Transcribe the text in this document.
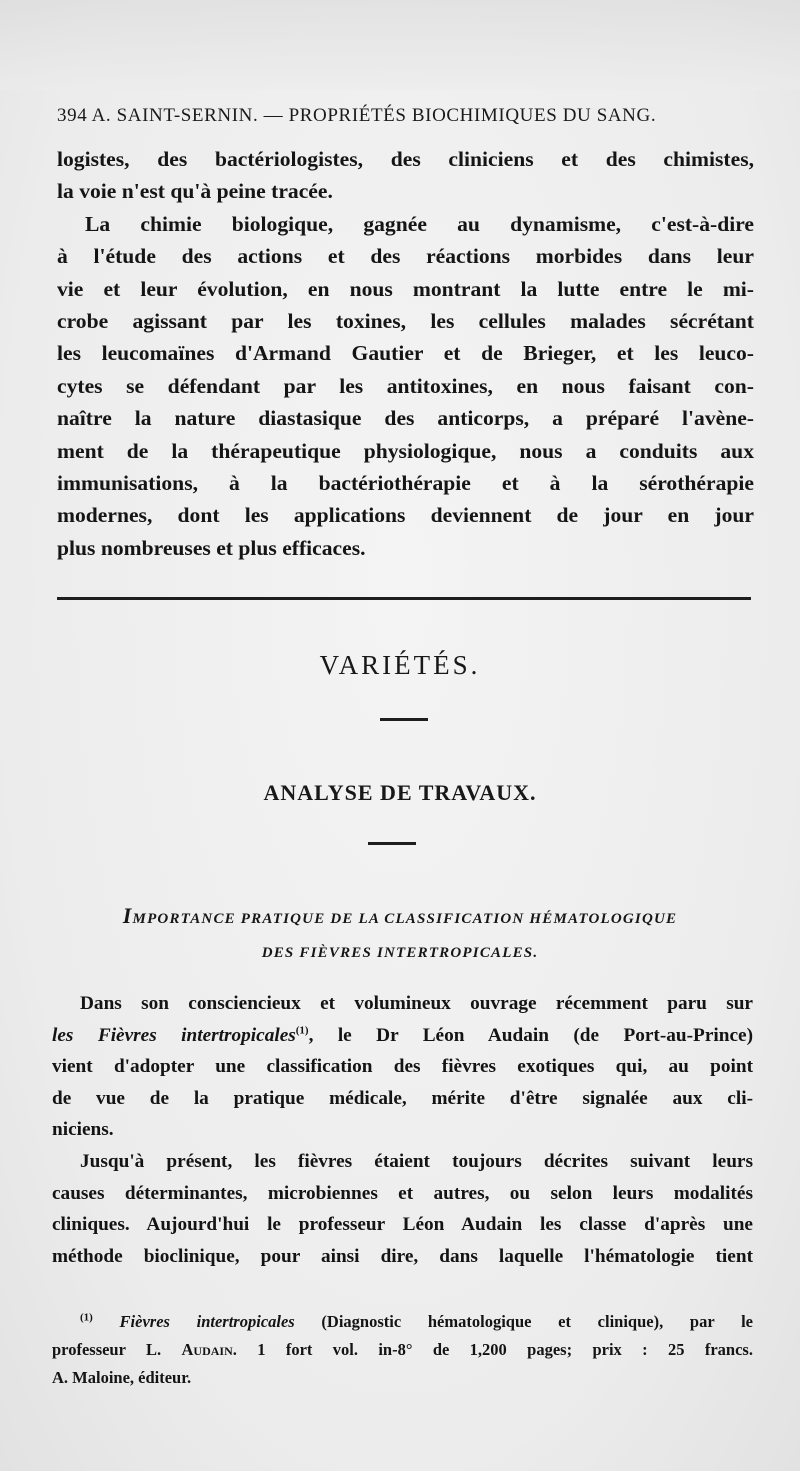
394 A. SAINT-SERNIN. — PROPRIÉTÉS BIOCHIMIQUES DU SANG.
logistes, des bactériologistes, des cliniciens et des chimistes,
la voie n'est qu'à peine tracée.
La chimie biologique, gagnée au dynamisme, c'est-à-dire
à l'étude des actions et des réactions morbides dans leur
vie et leur évolution, en nous montrant la lutte entre le mi-
crobe agissant par les toxines, les cellules malades sécrétant
les leucomaïnes d'Armand Gautier et de Brieger, et les leuco-
cytes se défendant par les antitoxines, en nous faisant con-
naître la nature diastasique des anticorps, a préparé l'avène-
ment de la thérapeutique physiologique, nous a conduits aux
immunisations, à la bactériothérapie et à la sérothérapie
modernes, dont les applications deviennent de jour en jour
plus nombreuses et plus efficaces.
VARIÉTÉS.
ANALYSE DE TRAVAUX.
IMPORTANCE PRATIQUE DE LA CLASSIFICATION HÉMATOLOGIQUE
DES FIÈVRES INTERTROPICALES.
Dans son consciencieux et volumineux ouvrage récemment paru sur
les Fièvres intertropicales$^{(1)}$, le Dr Léon Audain (de Port-au-Prince)
vient d'adopter une classification des fièvres exotiques qui, au point
de vue de la pratique médicale, mérite d'être signalée aux cli-
niciens.
Jusqu'à présent, les fièvres étaient toujours décrites suivant leurs
causes déterminantes, microbiennes et autres, ou selon leurs modalités
cliniques. Aujourd'hui le professeur Léon Audain les classe d'après une
méthode bioclinique, pour ainsi dire, dans laquelle l'hématologie tient
$^{(1)}$ Fièvres intertropicales (Diagnostic hématologique et clinique), par le
professeur L. Audain. 1 fort vol. in-8° de 1,200 pages; prix : 25 francs.
A. Maloine, éditeur.
